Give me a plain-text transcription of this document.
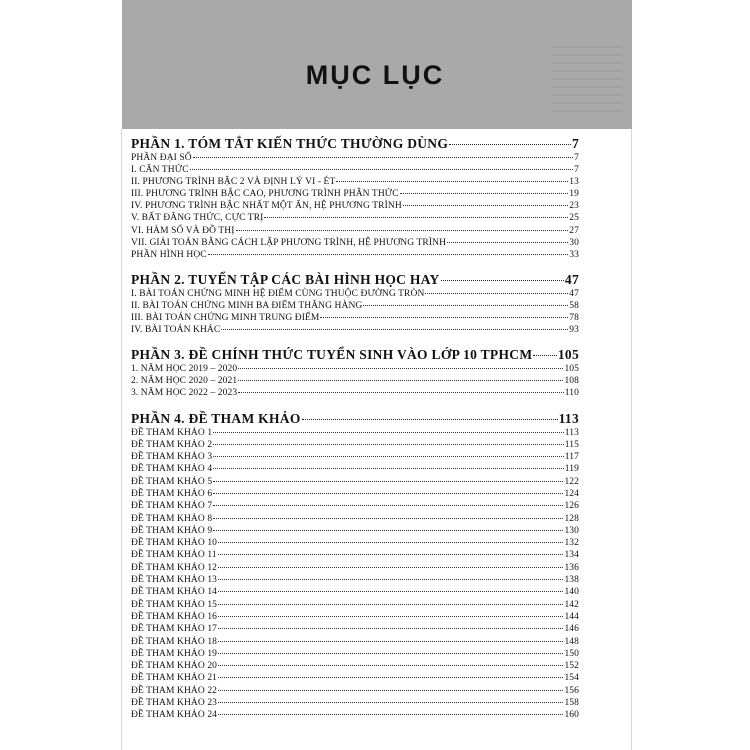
MỤC LỤC
PHẦN 1. TÓM TẮT KIẾN THỨC THƯỜNG DÙNG	7
PHẦN ĐẠI SỐ	7
I. CĂN THỨC	7
II. PHƯƠNG TRÌNH BẬC 2 VÀ ĐỊNH LÝ VI - ÉT	13
III. PHƯƠNG TRÌNH BẬC CAO, PHƯƠNG TRÌNH PHÂN THỨC	19
IV. PHƯƠNG TRÌNH BẬC NHẤT MỘT ẨN, HỆ PHƯƠNG TRÌNH	23
V. BẤT ĐẲNG THỨC, CỰC TRỊ	25
VI. HÀM SỐ VÀ ĐỒ THỊ	27
VII. GIẢI TOÁN BẰNG CÁCH LẬP PHƯƠNG TRÌNH, HỆ PHƯƠNG TRÌNH	30
PHẦN HÌNH HỌC	33
PHẦN 2. TUYỂN TẬP CÁC BÀI HÌNH HỌC HAY	47
I. BÀI TOÁN CHỨNG MINH HỆ ĐIỂM CÙNG THUỘC ĐƯỜNG TRÒN	47
II. BÀI TOÁN CHỨNG MINH BA ĐIỂM THẲNG HÀNG	58
III. BÀI TOÁN CHỨNG MINH TRUNG ĐIỂM	78
IV. BÀI TOÁN KHÁC	93
PHẦN 3. ĐỀ CHÍNH THỨC TUYỂN SINH VÀO LỚP 10 TPHCM 105
1. NĂM HỌC 2019 – 2020	105
2. NĂM HỌC 2020 – 2021	108
3. NĂM HỌC 2022 – 2023	110
PHẦN 4. ĐỀ THAM KHẢO	113
ĐỀ THAM KHẢO 1	113
ĐỀ THAM KHẢO 2	115
ĐỀ THAM KHẢO 3	117
ĐỀ THAM KHẢO 4	119
ĐỀ THAM KHẢO 5	122
ĐỀ THAM KHẢO 6	124
ĐỀ THAM KHẢO 7	126
ĐỀ THAM KHẢO 8	128
ĐỀ THAM KHẢO 9	130
ĐỀ THAM KHẢO 10	132
ĐỀ THAM KHẢO 11	134
ĐỀ THAM KHẢO 12	136
ĐỀ THAM KHẢO 13	138
ĐỀ THAM KHẢO 14	140
ĐỀ THAM KHẢO 15	142
ĐỀ THAM KHẢO 16	144
ĐỀ THAM KHẢO 17	146
ĐỀ THAM KHẢO 18	148
ĐỀ THAM KHẢO 19	150
ĐỀ THAM KHẢO 20	152
ĐỀ THAM KHẢO 21	154
ĐỀ THAM KHẢO 22	156
ĐỀ THAM KHẢO 23	158
ĐỀ THAM KHẢO 24	160
